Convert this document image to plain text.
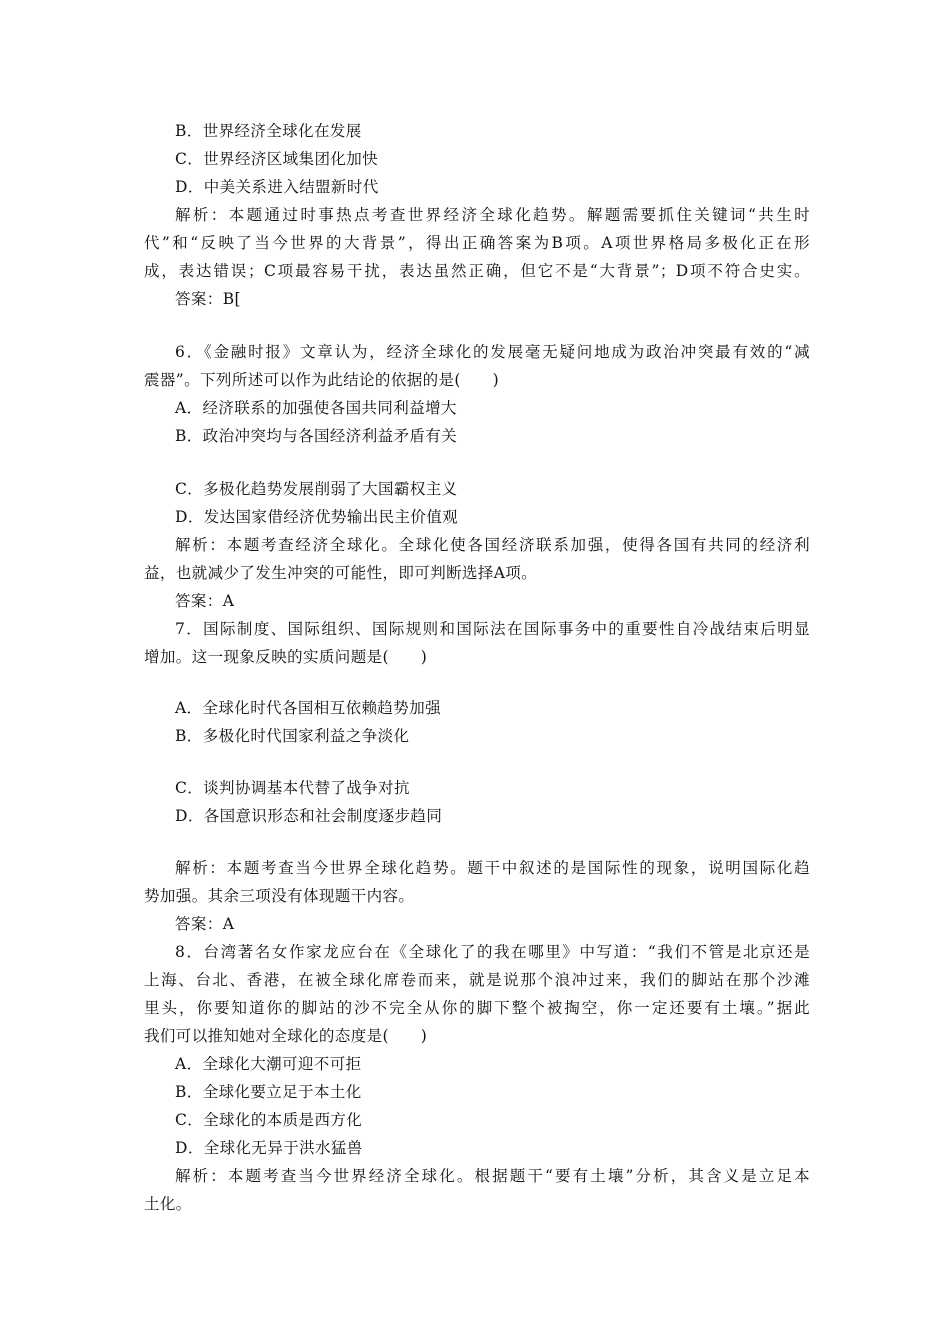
B．世界经济全球化在发展
C．世界经济区域集团化加快
D．中美关系进入结盟新时代
解析：本题通过时事热点考查世界经济全球化趋势。解题需要抓住关键词“共生时
代”和“反映了当今世界的大背景”，得出正确答案为B项。A项世界格局多极化正在形
成，表达错误；C项最容易干扰，表达虽然正确，但它不是“大背景”；D项不符合史实。
答案：B[
6．《金融时报》文章认为，经济全球化的发展毫无疑问地成为政治冲突最有效的“减
震器”。下列所述可以作为此结论的依据的是(　　)
A．经济联系的加强使各国共同利益增大
B．政治冲突均与各国经济利益矛盾有关
C．多极化趋势发展削弱了大国霸权主义
D．发达国家借经济优势输出民主价值观
解析：本题考查经济全球化。全球化使各国经济联系加强，使得各国有共同的经济利
益，也就减少了发生冲突的可能性，即可判断选择A项。
答案：A
7．国际制度、国际组织、国际规则和国际法在国际事务中的重要性自冷战结束后明显
增加。这一现象反映的实质问题是(　　)
A．全球化时代各国相互依赖趋势加强
B．多极化时代国家利益之争淡化
C．谈判协调基本代替了战争对抗
D．各国意识形态和社会制度逐步趋同
解析：本题考查当今世界全球化趋势。题干中叙述的是国际性的现象，说明国际化趋
势加强。其余三项没有体现题干内容。
答案：A
8．台湾著名女作家龙应台在《全球化了的我在哪里》中写道：“我们不管是北京还是
上海、台北、香港，在被全球化席卷而来，就是说那个浪冲过来，我们的脚站在那个沙滩
里头，你要知道你的脚站的沙不完全从你的脚下整个被掏空，你一定还要有土壤。”据此
我们可以推知她对全球化的态度是(　　)
A．全球化大潮可迎不可拒
B．全球化要立足于本土化
C．全球化的本质是西方化
D．全球化无异于洪水猛兽
解析：本题考查当今世界经济全球化。根据题干“要有土壤”分析，其含义是立足本
土化。
